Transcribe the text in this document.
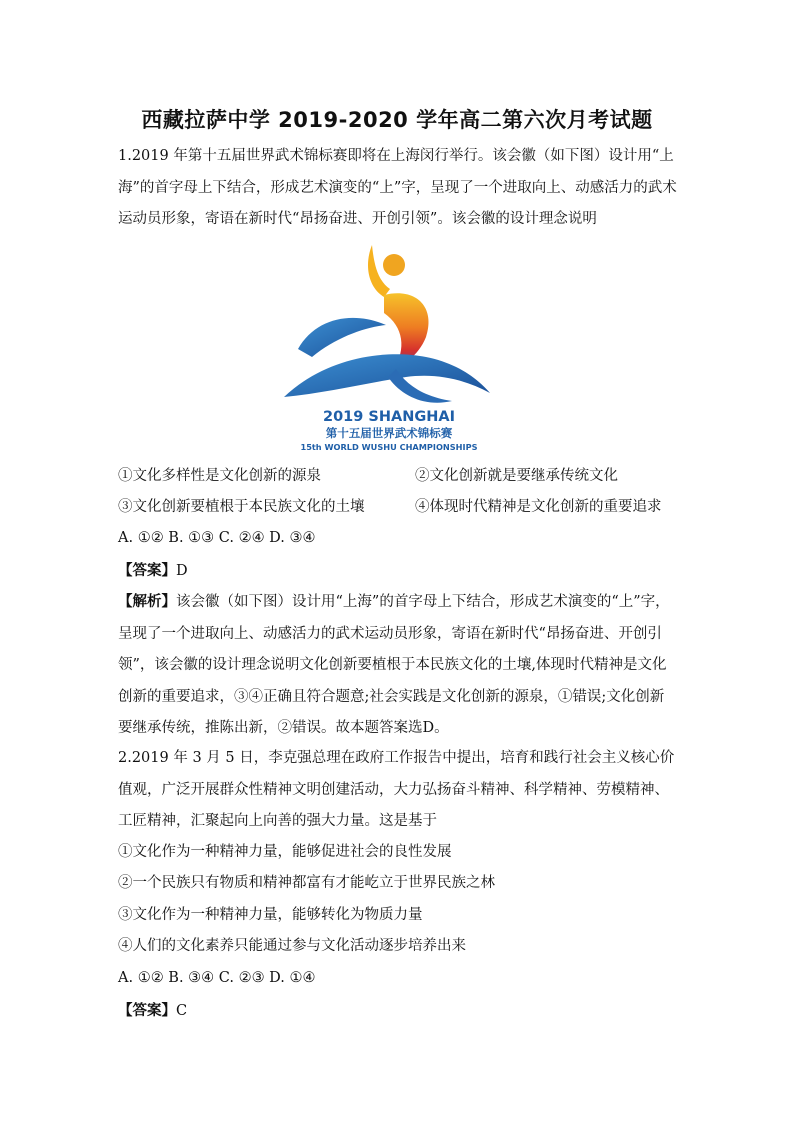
西藏拉萨中学 2019-2020 学年高二第六次月考试题

1.2019 年第十五届世界武术锦标赛即将在上海闵行举行。该会徽（如下图）设计用“上海”的首字母上下结合，形成艺术演变的“上”字，呈现了一个进取向上、动感活力的武术运动员形象，寄语在新时代“昂扬奋进、开创引领”。该会徽的设计理念说明

2019 SHANGHAI
第十五届世界武术锦标赛
15th WORLD WUSHU CHAMPIONSHIPS
①文化多样性是文化创新的源泉	②文化创新就是要继承传统文化
③文化创新要植根于本民族文化的土壤	④体现时代精神是文化创新的重要追求
A. ①② B. ①③ C. ②④ D. ③④
【答案】D

【解析】该会徽（如下图）设计用“上海”的首字母上下结合，形成艺术演变的“上”字，呈现了一个进取向上、动感活力的武术运动员形象，寄语在新时代“昂扬奋进、开创引领”，该会徽的设计理念说明文化创新要植根于本民族文化的土壤,体现时代精神是文化创新的重要追求，③④正确且符合题意;社会实践是文化创新的源泉，①错误;文化创新要继承传统，推陈出新，②错误。故本题答案选D。

2.2019 年 3 月 5 日，李克强总理在政府工作报告中提出，培育和践行社会主义核心价值观，广泛开展群众性精神文明创建活动，大力弘扬奋斗精神、科学精神、劳模精神、工匠精神，汇聚起向上向善的强大力量。这是基于

①文化作为一种精神力量，能够促进社会的良性发展
②一个民族只有物质和精神都富有才能屹立于世界民族之林
③文化作为一种精神力量，能够转化为物质力量
④人们的文化素养只能通过参与文化活动逐步培养出来
A. ①② B. ③④ C. ②③ D. ①④
【答案】C
